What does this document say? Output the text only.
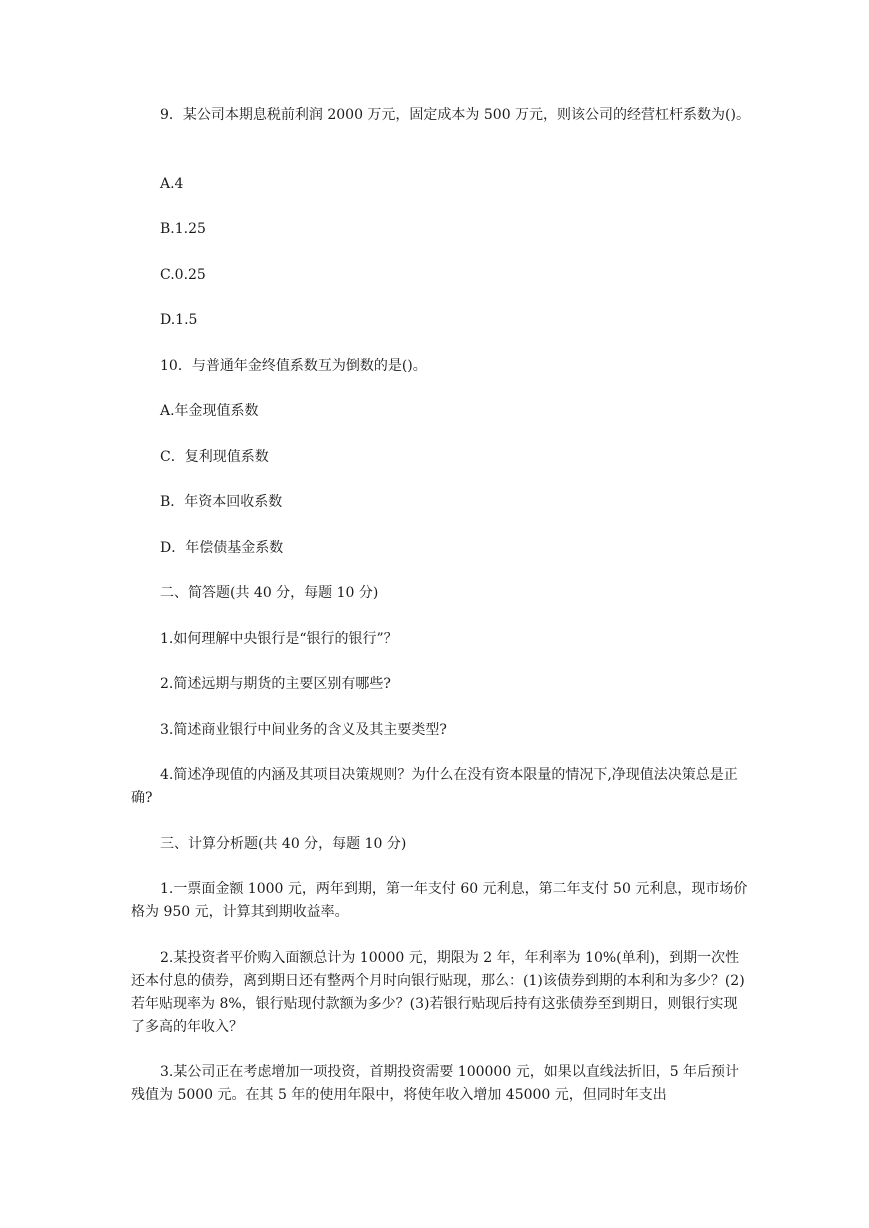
9．某公司本期息税前利润 2000 万元，固定成本为 500 万元，则该公司的经营杠杆系数为()。

A.4

B.1.25

C.0.25

D.1.5

10．与普通年金终值系数互为倒数的是()。

A.年金现值系数

C．复利现值系数

B．年资本回收系数

D．年偿债基金系数

二、简答题(共 40 分，每题 10 分)

1.如何理解中央银行是“银行的银行”？

2.简述远期与期货的主要区别有哪些?

3.简述商业银行中间业务的含义及其主要类型?

4.简述净现值的内涵及其项目决策规则？为什么在没有资本限量的情况下,净现值法决策总是正确?

三、计算分析题(共 40 分，每题 10 分)

1.一票面金额 1000 元，两年到期，第一年支付 60 元利息，第二年支付 50 元利息，现市场价格为 950 元，计算其到期收益率。

2.某投资者平价购入面额总计为 10000 元，期限为 2 年，年利率为 10%(单利)，到期一次性还本付息的债券，离到期日还有整两个月时向银行贴现，那么：(1)该债券到期的本利和为多少？(2)若年贴现率为 8%，银行贴现付款额为多少？(3)若银行贴现后持有这张债券至到期日，则银行实现了多高的年收入？

3.某公司正在考虑增加一项投资，首期投资需要 100000 元，如果以直线法折旧，5 年后预计残值为 5000 元。在其 5 年的使用年限中，将使年收入增加 45000 元，但同时年支出
